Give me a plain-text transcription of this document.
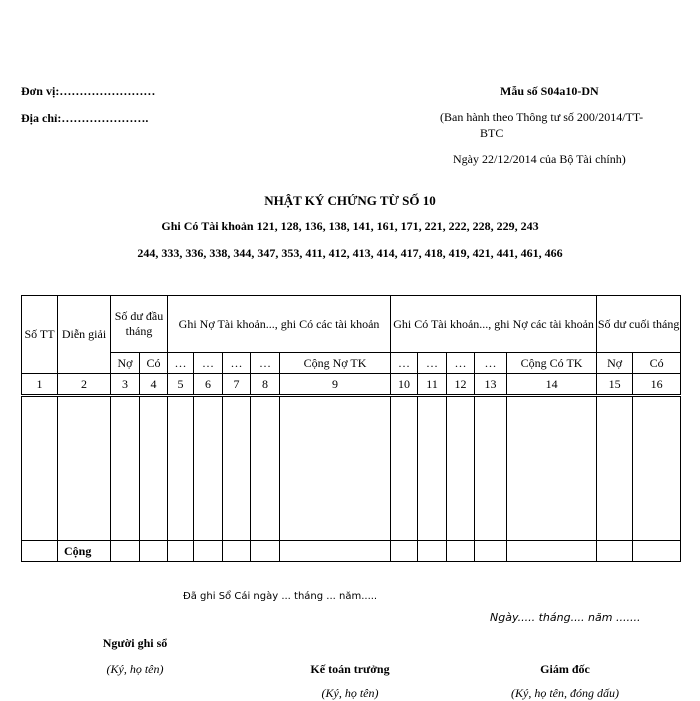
Đơn vị:……………………
Địa chỉ:………………….
Mẫu số S04a10-DN
(Ban hành theo Thông tư số 200/2014/TT-
BTC
Ngày 22/12/2014 của Bộ Tài chính)
NHẬT KÝ CHỨNG TỪ SỐ 10
Ghi Có Tài khoản 121, 128, 136, 138, 141, 161, 171, 221, 222, 228, 229, 243
244, 333, 336, 338, 344, 347, 353, 411, 412, 413, 414, 417, 418, 419, 421, 441, 461, 466
Số TT	Diễn giải	Số dư đầu tháng		Ghi Nợ Tài khoản..., ghi Có các tài khoản					Ghi Có Tài khoản..., ghi Nợ các tài khoản					Số dư cuối tháng	
		Nợ	Có	…	…	…	…	Cộng Nợ TK	…	…	…	…	Cộng Có TK	Nợ	Có
1	2	3	4	5	6	7	8	9	10	11	12	13	14	15	16

	Cộng														
Đã ghi Sổ Cái ngày ... tháng ... năm.....
Ngày..... tháng.... năm .......
Người ghi sổ
(Ký, họ tên)	Kế toán trưởng
(Ký, họ tên)
Giám đốc
(Ký, họ tên, đóng dấu)
